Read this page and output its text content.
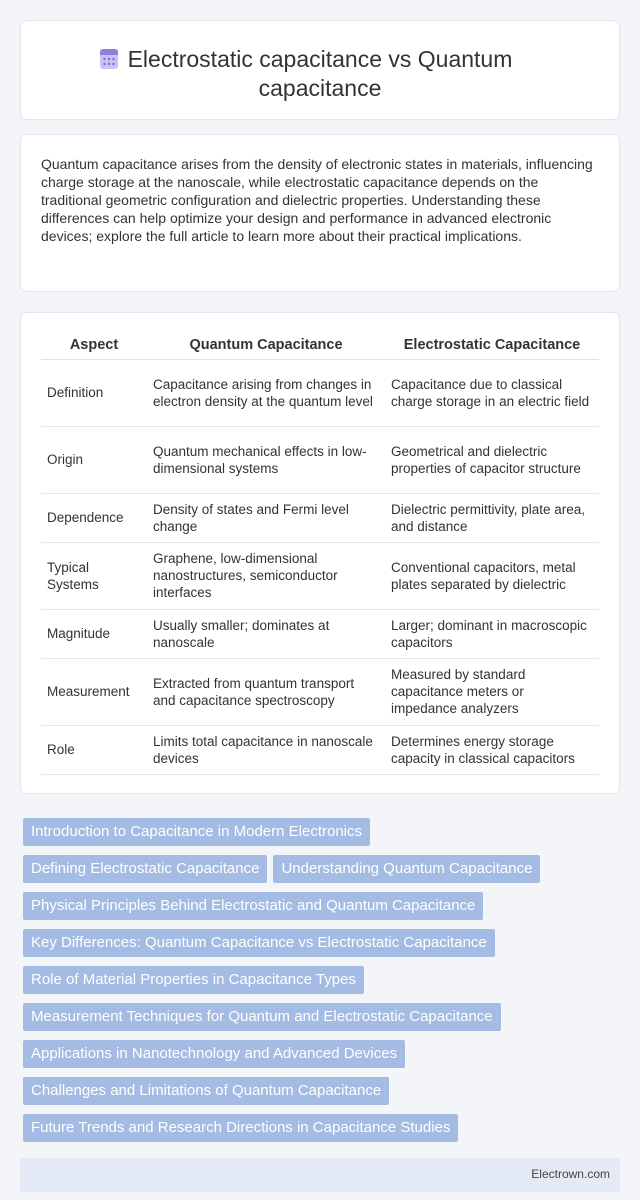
Electrostatic capacitance vs Quantum capacitance

Quantum capacitance arises from the density of electronic states in materials, influencing charge storage at the nanoscale, while electrostatic capacitance depends on the traditional geometric configuration and dielectric properties. Understanding these differences can help optimize your design and performance in advanced electronic devices; explore the full article to learn more about their practical implications.

Aspect	Quantum Capacitance	Electrostatic Capacitance
Definition	Capacitance arising from changes in electron density at the quantum level	Capacitance due to classical charge storage in an electric field
Origin	Quantum mechanical effects in low-dimensional systems	Geometrical and dielectric properties of capacitor structure
Dependence	Density of states and Fermi level change	Dielectric permittivity, plate area, and distance
Typical Systems	Graphene, low-dimensional nanostructures, semiconductor interfaces	Conventional capacitors, metal plates separated by dielectric
Magnitude	Usually smaller; dominates at nanoscale	Larger; dominant in macroscopic capacitors
Measurement	Extracted from quantum transport and capacitance spectroscopy	Measured by standard capacitance meters or impedance analyzers
Role	Limits total capacitance in nanoscale devices	Determines energy storage capacity in classical capacitors
Introduction to Capacitance in Modern Electronics
Defining Electrostatic Capacitance Understanding Quantum Capacitance
Physical Principles Behind Electrostatic and Quantum Capacitance
Key Differences: Quantum Capacitance vs Electrostatic Capacitance
Role of Material Properties in Capacitance Types
Measurement Techniques for Quantum and Electrostatic Capacitance
Applications in Nanotechnology and Advanced Devices
Challenges and Limitations of Quantum Capacitance
Future Trends and Research Directions in Capacitance Studies
Electrown.com
